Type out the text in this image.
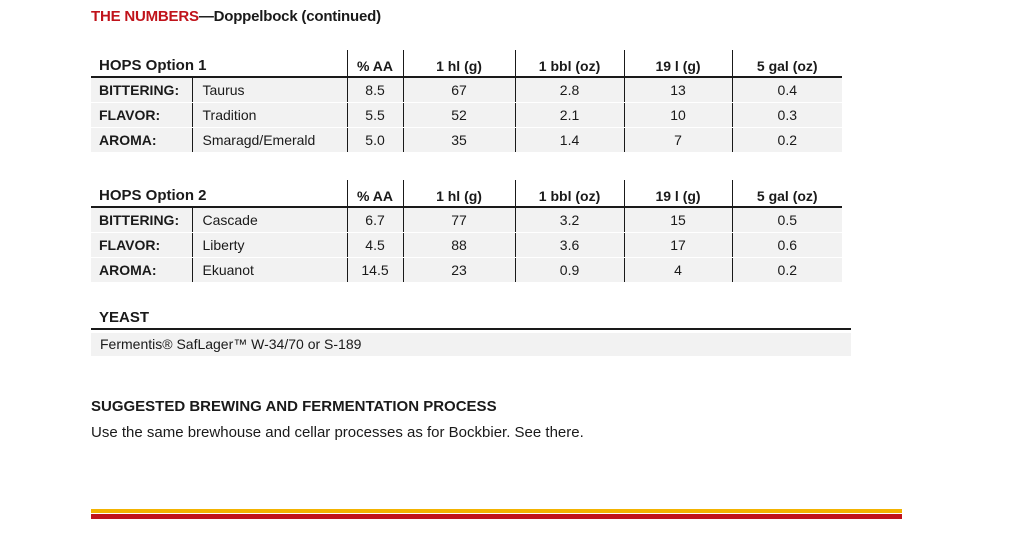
THE NUMBERS—Doppelbock (continued)
HOPS Option 1		% AA	1 hl (g)	1 bbl (oz)	19 l (g)	5 gal (oz)
BITTERING:	Taurus	8.5	67	2.8	13	0.4
FLAVOR:	Tradition	5.5	52	2.1	10	0.3
AROMA:	Smaragd/Emerald	5.0	35	1.4	7	0.2
HOPS Option 2		% AA	1 hl (g)	1 bbl (oz)	19 l (g)	5 gal (oz)
BITTERING:	Cascade	6.7	77	3.2	15	0.5
FLAVOR:	Liberty	4.5	88	3.6	17	0.6
AROMA:	Ekuanot	14.5	23	0.9	4	0.2
YEAST
Fermentis® SafLager™ W-34/70 or S-189
SUGGESTED BREWING AND FERMENTATION PROCESS
Use the same brewhouse and cellar processes as for Bockbier. See there.
